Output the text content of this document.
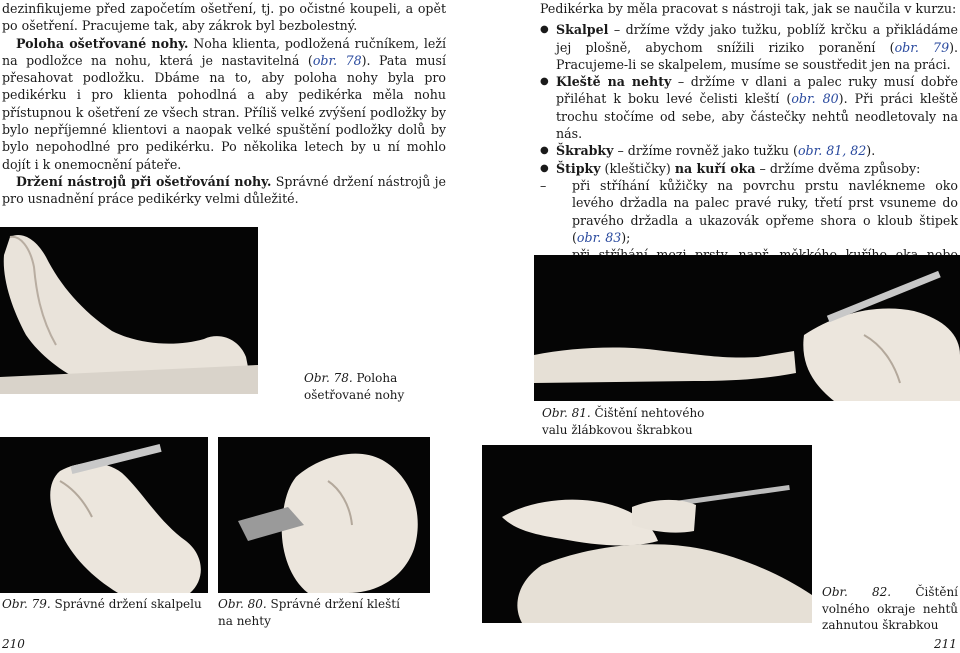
dezinfikujeme před započetím ošetření, tj. po očistné koupeli, a opět po ošetření. Pracujeme tak, aby zákrok byl bezbolestný.

Poloha ošetřované nohy. Noha klienta, podložená ručníkem, leží na podložce na nohu, která je nastavitelná (obr. 78). Pata musí přesahovat podložku. Dbáme na to, aby poloha nohy byla pro pedikérku i pro klienta pohodlná a aby pedikérka měla nohu přístupnou k ošetření ze všech stran. Příliš velké zvýšení podložky by bylo nepříjemné klientovi a naopak velké spuštění podložky dolů by bylo nepohodlné pro pedikérku. Po několika letech by u ní mohlo dojít i k onemocnění páteře.

Držení nástrojů při ošetřování nohy. Správné držení nástrojů je pro usnadnění práce pedikérky velmi důležité.

Pedikérka by měla pracovat s nástroji tak, jak se naučila v kurzu:

● Skalpel – držíme vždy jako tužku, poblíž krčku a přikládáme jej plošně, abychom snížili riziko poranění (obr. 79). Pracujeme-li se skalpelem, musíme se soustředit jen na práci.
● Kleště na nehty – držíme v dlani a palec ruky musí dobře přiléhat k boku levé čelisti kleští (obr. 80). Při práci kleště trochu stočíme od sebe, aby částečky nehtů neodletovaly na nás.
● Škrabky – držíme rovněž jako tužku (obr. 81, 82).
● Štipky (kleštičky) na kuří oka – držíme dvěma způsoby:
– při stříhání kůžičky na povrchu prstu navlékneme oko levého držadla na palec pravé ruky, třetí prst vsuneme do pravého držadla a ukazovák opřeme shora o kloub štipek (obr. 83);
–
Obr. 78. Poloha ošetřované nohy
Obr. 79. Správné držení skalpelu	Obr. 80. Správné držení kleští na nehty
Obr. 81. Čištění nehtového valu žlábkovou škrabkou
Obr. 82. Čištění volného okraje nehtů zahnutou škrabkou
210	211
